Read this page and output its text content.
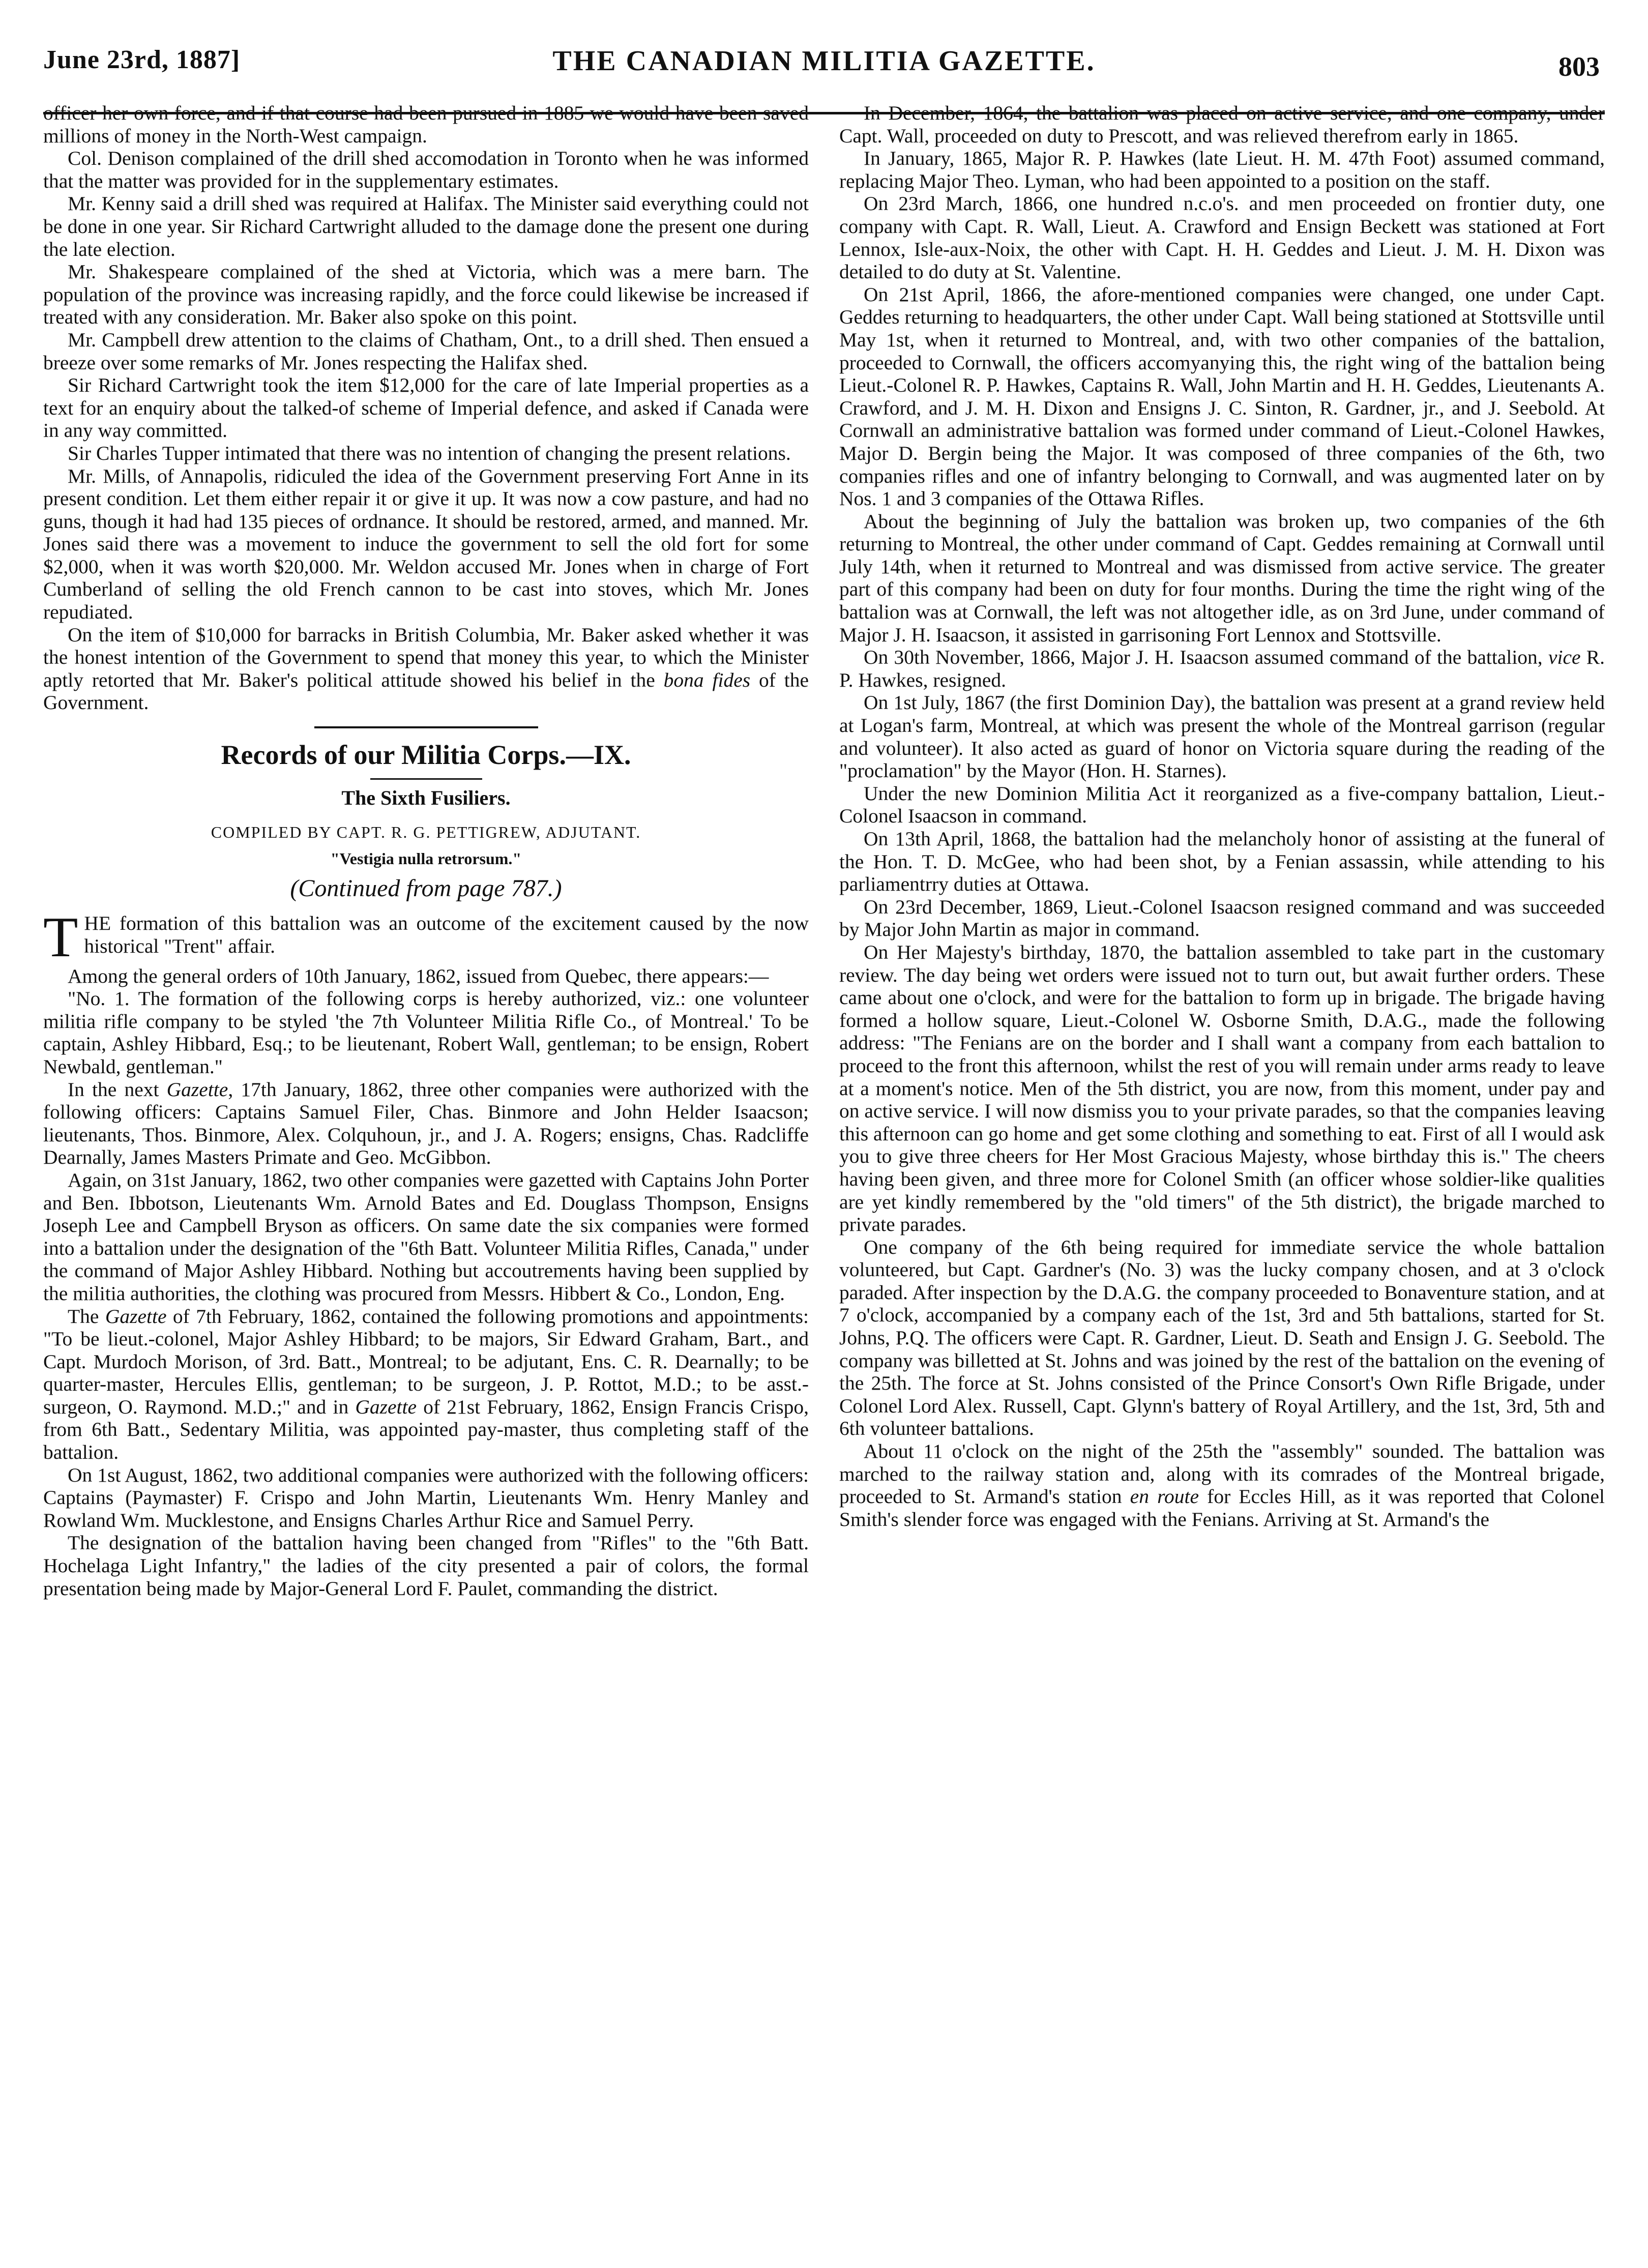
June 23rd, 1887]	THE CANADIAN MILITIA GAZETTE.	803

officer her own force, and if that course had been pursued in 1885 we would have been saved millions of money in the North-West campaign.

Col. Denison complained of the drill shed accomodation in Toronto when he was informed that the matter was provided for in the supplementary estimates.

Mr. Kenny said a drill shed was required at Halifax. The Minister said everything could not be done in one year. Sir Richard Cartwright alluded to the damage done the present one during the late election.

Mr. Shakespeare complained of the shed at Victoria, which was a mere barn. The population of the province was increasing rapidly, and the force could likewise be increased if treated with any consideration. Mr. Baker also spoke on this point.

Mr. Campbell drew attention to the claims of Chatham, Ont., to a drill shed. Then ensued a breeze over some remarks of Mr. Jones respecting the Halifax shed.

Sir Richard Cartwright took the item $12,000 for the care of late Imperial properties as a text for an enquiry about the talked-of scheme of Imperial defence, and asked if Canada were in any way committed.

Sir Charles Tupper intimated that there was no intention of changing the present relations.

Mr. Mills, of Annapolis, ridiculed the idea of the Government preserving Fort Anne in its present condition. Let them either repair it or give it up. It was now a cow pasture, and had no guns, though it had had 135 pieces of ordnance. It should be restored, armed, and manned. Mr. Jones said there was a movement to induce the government to sell the old fort for some $2,000, when it was worth $20,000. Mr. Weldon accused Mr. Jones when in charge of Fort Cumberland of selling the old French cannon to be cast into stoves, which Mr. Jones repudiated.

On the item of $10,000 for barracks in British Columbia, Mr. Baker asked whether it was the honest intention of the Government to spend that money this year, to which the Minister aptly retorted that Mr. Baker's political attitude showed his belief in the bona fides of the Government.

Records of our Militia Corps.—IX.
The Sixth Fusiliers.
COMPILED BY CAPT. R. G. PETTIGREW, ADJUTANT.
"Vestigia nulla retrorsum."
(Continued from page 787.)

THE formation of this battalion was an outcome of the excitement caused by the now historical "Trent" affair.

Among the general orders of 10th January, 1862, issued from Quebec, there appears:—

"No. 1. The formation of the following corps is hereby authorized, viz.: one volunteer militia rifle company to be styled 'the 7th Volunteer Militia Rifle Co., of Montreal.' To be captain, Ashley Hibbard, Esq.; to be lieutenant, Robert Wall, gentleman; to be ensign, Robert Newbald, gentleman."

In the next Gazette, 17th January, 1862, three other companies were authorized with the following officers: Captains Samuel Filer, Chas. Binmore and John Helder Isaacson; lieutenants, Thos. Binmore, Alex. Colquhoun, jr., and J. A. Rogers; ensigns, Chas. Radcliffe Dearnally, James Masters Primate and Geo. McGibbon.

Again, on 31st January, 1862, two other companies were gazetted with Captains John Porter and Ben. Ibbotson, Lieutenants Wm. Arnold Bates and Ed. Douglass Thompson, Ensigns Joseph Lee and Campbell Bryson as officers. On same date the six companies were formed into a battalion under the designation of the "6th Batt. Volunteer Militia Rifles, Canada," under the command of Major Ashley Hibbard. Nothing but accoutrements having been supplied by the militia authorities, the clothing was procured from Messrs. Hibbert & Co., London, Eng.

The Gazette of 7th February, 1862, contained the following promotions and appointments: "To be lieut.-colonel, Major Ashley Hibbard; to be majors, Sir Edward Graham, Bart., and Capt. Murdoch Morison, of 3rd. Batt., Montreal; to be adjutant, Ens. C. R. Dearnally; to be quarter-master, Hercules Ellis, gentleman; to be surgeon, J. P. Rottot, M.D.; to be asst.-surgeon, O. Raymond. M.D.;" and in Gazette of 21st February, 1862, Ensign Francis Crispo, from 6th Batt., Sedentary Militia, was appointed pay-master, thus completing staff of the battalion.

On 1st August, 1862, two additional companies were authorized with the following officers: Captains (Paymaster) F. Crispo and John Martin, Lieutenants Wm. Henry Manley and Rowland Wm. Mucklestone, and Ensigns Charles Arthur Rice and Samuel Perry.

The designation of the battalion having been changed from "Rifles" to the "6th Batt. Hochelaga Light Infantry," the ladies of the city presented a pair of colors, the formal presentation being made by Major-General Lord F. Paulet, commanding the district.

In December, 1864, the battalion was placed on active service, and one company, under Capt. Wall, proceeded on duty to Prescott, and was relieved therefrom early in 1865.

In January, 1865, Major R. P. Hawkes (late Lieut. H. M. 47th Foot) assumed command, replacing Major Theo. Lyman, who had been appointed to a position on the staff.

On 23rd March, 1866, one hundred n.c.o's. and men proceeded on frontier duty, one company with Capt. R. Wall, Lieut. A. Crawford and Ensign Beckett was stationed at Fort Lennox, Isle-aux-Noix, the other with Capt. H. H. Geddes and Lieut. J. M. H. Dixon was detailed to do duty at St. Valentine.

On 21st April, 1866, the afore-mentioned companies were changed, one under Capt. Geddes returning to headquarters, the other under Capt. Wall being stationed at Stottsville until May 1st, when it returned to Montreal, and, with two other companies of the battalion, proceeded to Cornwall, the officers accomyanying this, the right wing of the battalion being Lieut.-Colonel R. P. Hawkes, Captains R. Wall, John Martin and H. H. Geddes, Lieutenants A. Crawford, and J. M. H. Dixon and Ensigns J. C. Sinton, R. Gardner, jr., and J. Seebold. At Cornwall an administrative battalion was formed under command of Lieut.-Colonel Hawkes, Major D. Bergin being the Major. It was composed of three companies of the 6th, two companies rifles and one of infantry belonging to Cornwall, and was augmented later on by Nos. 1 and 3 companies of the Ottawa Rifles.

About the beginning of July the battalion was broken up, two companies of the 6th returning to Montreal, the other under command of Capt. Geddes remaining at Cornwall until July 14th, when it returned to Montreal and was dismissed from active service. The greater part of this company had been on duty for four months. During the time the right wing of the battalion was at Cornwall, the left was not altogether idle, as on 3rd June, under command of Major J. H. Isaacson, it assisted in garrisoning Fort Lennox and Stottsville.

On 30th November, 1866, Major J. H. Isaacson assumed command of the battalion, vice R. P. Hawkes, resigned.

On 1st July, 1867 (the first Dominion Day), the battalion was present at a grand review held at Logan's farm, Montreal, at which was present the whole of the Montreal garrison (regular and volunteer). It also acted as guard of honor on Victoria square during the reading of the "proclamation" by the Mayor (Hon. H. Starnes).

Under the new Dominion Militia Act it reorganized as a five-company battalion, Lieut.-Colonel Isaacson in command.

On 13th April, 1868, the battalion had the melancholy honor of assisting at the funeral of the Hon. T. D. McGee, who had been shot, by a Fenian assassin, while attending to his parliamentrry duties at Ottawa.

On 23rd December, 1869, Lieut.-Colonel Isaacson resigned command and was succeeded by Major John Martin as major in command.

On Her Majesty's birthday, 1870, the battalion assembled to take part in the customary review. The day being wet orders were issued not to turn out, but await further orders. These came about one o'clock, and were for the battalion to form up in brigade. The brigade having formed a hollow square, Lieut.-Colonel W. Osborne Smith, D.A.G., made the following address: "The Fenians are on the border and I shall want a company from each battalion to proceed to the front this afternoon, whilst the rest of you will remain under arms ready to leave at a moment's notice. Men of the 5th district, you are now, from this moment, under pay and on active service. I will now dismiss you to your private parades, so that the companies leaving this afternoon can go home and get some clothing and something to eat. First of all I would ask you to give three cheers for Her Most Gracious Majesty, whose birthday this is." The cheers having been given, and three more for Colonel Smith (an officer whose soldier-like qualities are yet kindly remembered by the "old timers" of the 5th district), the brigade marched to private parades.

One company of the 6th being required for immediate service the whole battalion volunteered, but Capt. Gardner's (No. 3) was the lucky company chosen, and at 3 o'clock paraded. After inspection by the D.A.G. the company proceeded to Bonaventure station, and at 7 o'clock, accompanied by a company each of the 1st, 3rd and 5th battalions, started for St. Johns, P.Q. The officers were Capt. R. Gardner, Lieut. D. Seath and Ensign J. G. Seebold. The company was billetted at St. Johns and was joined by the rest of the battalion on the evening of the 25th. The force at St. Johns consisted of the Prince Consort's Own Rifle Brigade, under Colonel Lord Alex. Russell, Capt. Glynn's battery of Royal Artillery, and the 1st, 3rd, 5th and 6th volunteer battalions.

About 11 o'clock on the night of the 25th the "assembly" sounded. The battalion was marched to the railway station and, along with its comrades of the Montreal brigade, proceeded to St. Armand's station en route for Eccles Hill, as it was reported that Colonel Smith's slender force was engaged with the Fenians. Arriving at St. Armand's the
